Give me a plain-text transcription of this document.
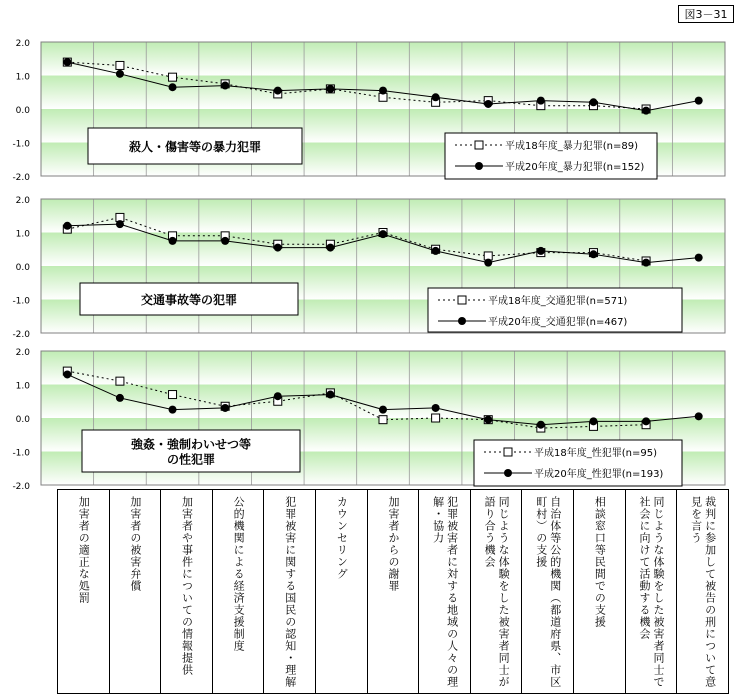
図3－31
2.0
1.0
0.0
-1.0
-2.0
殺人・傷害等の暴力犯罪	平成18年度_暴力犯罪(n=89)
平成20年度_暴力犯罪(n=152)
2.0
1.0
0.0
-1.0
-2.0
交通事故等の犯罪	平成18年度_交通犯罪(n=571)
平成20年度_交通犯罪(n=467)
2.0
1.0
0.0
-1.0
-2.0
強姦・強制わいせつ等
の性犯罪	平成18年度_性犯罪(n=95)
平成20年度_性犯罪(n=193)
加害者の適正な処罰	加害者の被害弁償	加害者や事件についての情報提供	公的機関による経済支援制度	犯罪被害に関する国民の認知・理解	カウンセリング	加害者からの謝罪	犯罪被害者に対する地域の人々の理解・協力	同じような体験をした被害者同士が語り合う機会	自治体等公的機関（都道府県、市区町村）の支援	相談窓口等民間での支援	同じような体験をした被害者同士で社会に向けて活動する機会	裁判に参加して被告の刑について意見を言う
